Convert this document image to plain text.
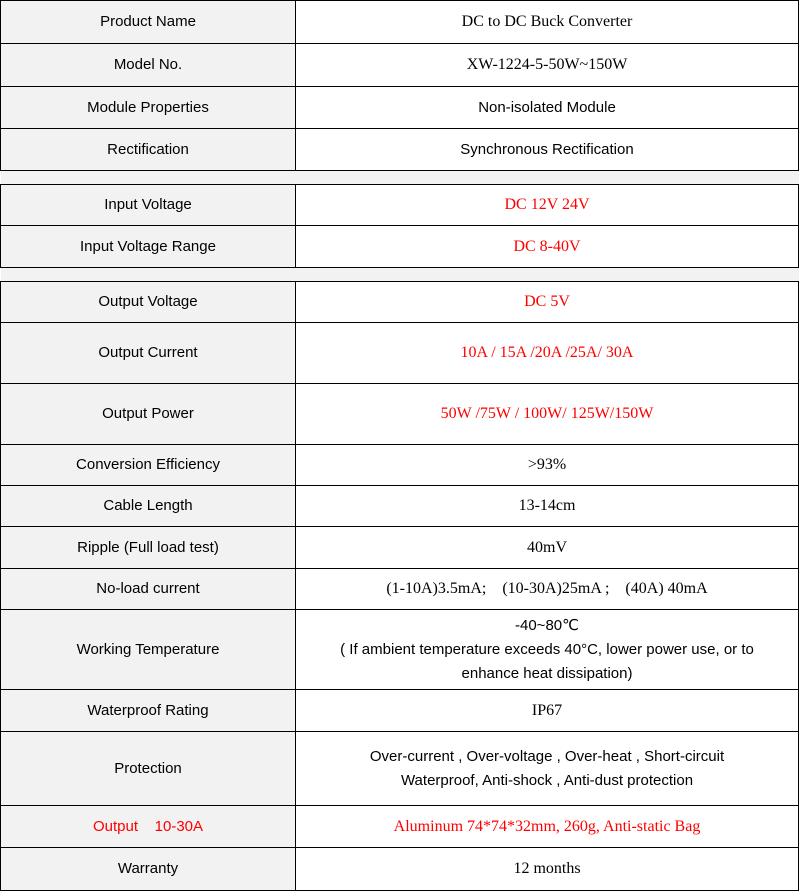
Product Name	DC to DC Buck Converter
Model No.	XW-1224-5-50W~150W
Module Properties	Non-isolated Module
Rectification	Synchronous Rectification

Input Voltage	DC 12V 24V
Input Voltage Range	DC 8-40V

Output Voltage	DC 5V
Output Current	10A / 15A /20A /25A/ 30A
Output Power	50W /75W / 100W/ 125W/150W
Conversion Efficiency	>93%
Cable Length	13-14cm
Ripple (Full load test)	40mV
No-load current	(1-10A)3.5mA;    (10-30A)25mA ;    (40A) 40mA
Working Temperature	-40~80℃
( If ambient temperature exceeds 40°C, lower power use, or to
enhance heat dissipation)

Waterproof Rating	IP67
Protection	Over-current , Over-voltage , Over-heat , Short-circuit
Waterproof, Anti-shock , Anti-dust protection

Output    10-30A	Aluminum 74*74*32mm, 260g, Anti-static Bag
Warranty	12 months
